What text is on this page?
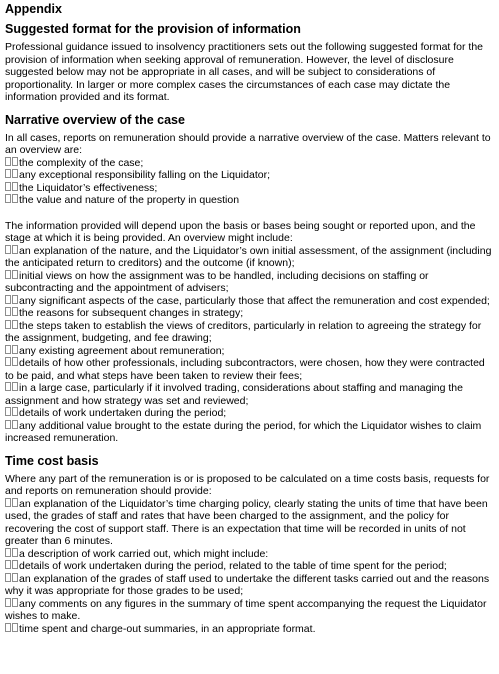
Appendix
Suggested format for the provision of information

Professional guidance issued to insolvency practitioners sets out the following suggested format for the provision of information when seeking approval of remuneration. However, the level of disclosure suggested below may not be appropriate in all cases, and will be subject to considerations of proportionality. In larger or more complex cases the circumstances of each case may dictate the information provided and its format.

Narrative overview of the case

In all cases, reports on remuneration should provide a narrative overview of the case. Matters relevant to an overview are:

the complexity of the case;
any exceptional responsibility falling on the Liquidator;
the Liquidator’s effectiveness;
the value and nature of the property in question

The information provided will depend upon the basis or bases being sought or reported upon, and the stage at which it is being provided. An overview might include:

an explanation of the nature, and the Liquidator’s own initial assessment, of the assignment (including the anticipated return to creditors) and the outcome (if known);
initial views on how the assignment was to be handled, including decisions on staffing or subcontracting and the appointment of advisers;
any significant aspects of the case, particularly those that affect the remuneration and cost expended;
the reasons for subsequent changes in strategy;
the steps taken to establish the views of creditors, particularly in relation to agreeing the strategy for the assignment, budgeting, and fee drawing;
any existing agreement about remuneration;
details of how other professionals, including subcontractors, were chosen, how they were contracted to be paid, and what steps have been taken to review their fees;
in a large case, particularly if it involved trading, considerations about staffing and managing the assignment and how strategy was set and reviewed;
details of work undertaken during the period;
any additional value brought to the estate during the period, for which the Liquidator wishes to claim increased remuneration.
Time cost basis

Where any part of the remuneration is or is proposed to be calculated on a time costs basis, requests for and reports on remuneration should provide:

an explanation of the Liquidator’s time charging policy, clearly stating the units of time that have been used, the grades of staff and rates that have been charged to the assignment, and the policy for recovering the cost of support staff. There is an expectation that time will be recorded in units of not greater than 6 minutes.
a description of work carried out, which might include:
details of work undertaken during the period, related to the table of time spent for the period;
an explanation of the grades of staff used to undertake the different tasks carried out and the reasons why it was appropriate for those grades to be used;
any comments on any figures in the summary of time spent accompanying the request the Liquidator wishes to make.
time spent and charge-out summaries, in an appropriate format.
